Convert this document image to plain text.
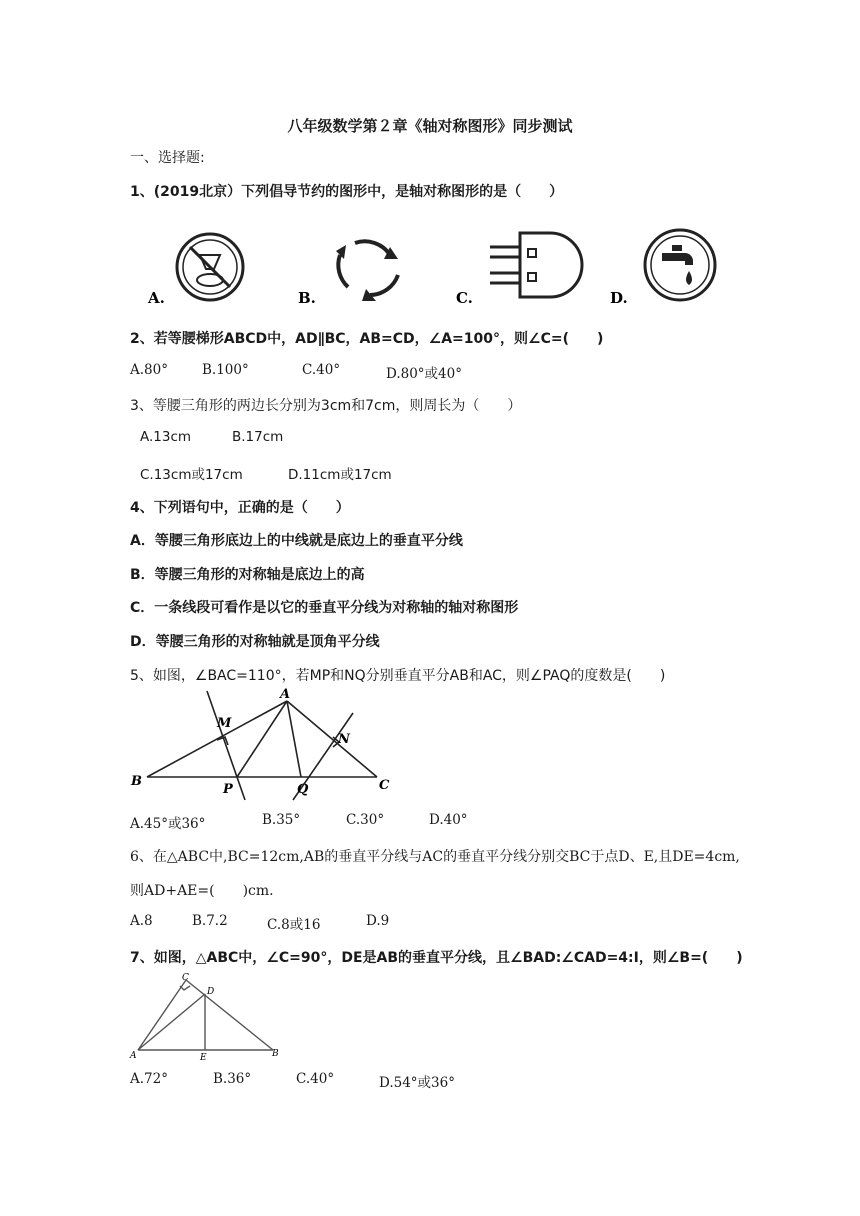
八年级数学第２章《轴对称图形》同步测试
一、选择题:
1、(2019北京）下列倡导节约的图形中，是轴对称图形的是（　　）
A.	B.	C.	D.
2、若等腰梯形ABCD中，AD∥BC，AB=CD，∠A=100°，则∠C=(　　)
A.80°	B.100°	C.40°	D.80°或40°
3、等腰三角形的两边长分别为3cm和7cm，则周长为（　　）
A.13cm	B.17cm
C.13cm或17cm	D.11cm或17cm
4、下列语句中，正确的是（　　）
A．等腰三角形底边上的中线就是底边上的垂直平分线
B．等腰三角形的对称轴是底边上的高
C．一条线段可看作是以它的垂直平分线为对称轴的轴对称图形
D．等腰三角形的对称轴就是顶角平分线
5、如图，∠BAC=110°，若MP和NQ分别垂直平分AB和AC，则∠PAQ的度数是(　　)
A
B	C
M
N
P	Q
A.45°或36°	B.35°	C.30°	D.40°
6、在△ABC中,BC=12cm,AB的垂直平分线与AC的垂直平分线分别交BC于点D、E,且DE=4cm,
则AD+AE=(　　)cm.
A.8	B.7.2	C.8或16	D.9
7、如图，△ABC中，∠C=90°，DE是AB的垂直平分线，且∠BAD:∠CAD=4:Ⅰ，则∠B=(　　)
C
D
A	E	B
A.72°	B.36°	C.40°	D.54°或36°
